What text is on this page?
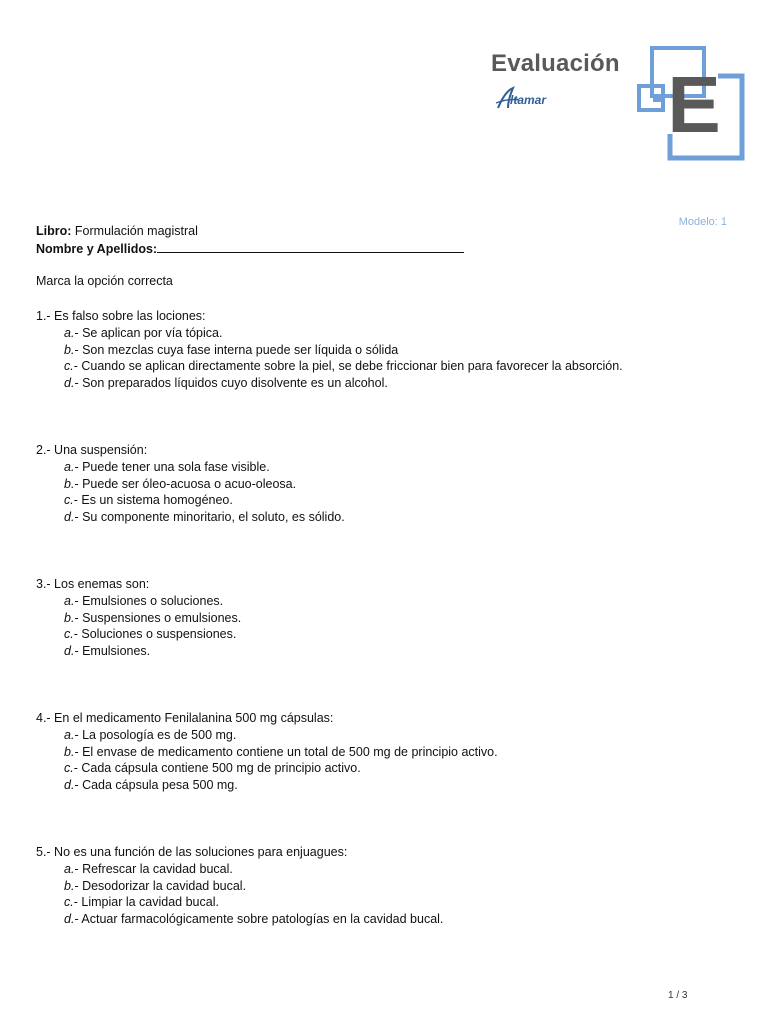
Evaluación
ltamar E
Modelo: 1
Libro: Formulación magistral
Nombre y Apellidos:
Marca la opción correcta
1.- Es falso sobre las lociones:
a.- Se aplican por vía tópica.
b.- Son mezclas cuya fase interna puede ser líquida o sólida
c.- Cuando se aplican directamente sobre la piel, se debe friccionar bien para favorecer la absorción.
d.- Son preparados líquidos cuyo disolvente es un alcohol.
2.- Una suspensión:
a.- Puede tener una sola fase visible.
b.- Puede ser óleo-acuosa o acuo-oleosa.
c.- Es un sistema homogéneo.
d.- Su componente minoritario, el soluto, es sólido.
3.- Los enemas son:
a.- Emulsiones o soluciones.
b.- Suspensiones o emulsiones.
c.- Soluciones o suspensiones.
d.- Emulsiones.
4.- En el medicamento Fenilalanina 500 mg cápsulas:
a.- La posología es de 500 mg.
b.- El envase de medicamento contiene un total de 500 mg de principio activo.
c.- Cada cápsula contiene 500 mg de principio activo.
d.- Cada cápsula pesa 500 mg.
5.- No es una función de las soluciones para enjuagues:
a.- Refrescar la cavidad bucal.
b.- Desodorizar la cavidad bucal.
c.- Limpiar la cavidad bucal.
d.- Actuar farmacológicamente sobre patologías en la cavidad bucal.
1 / 3
